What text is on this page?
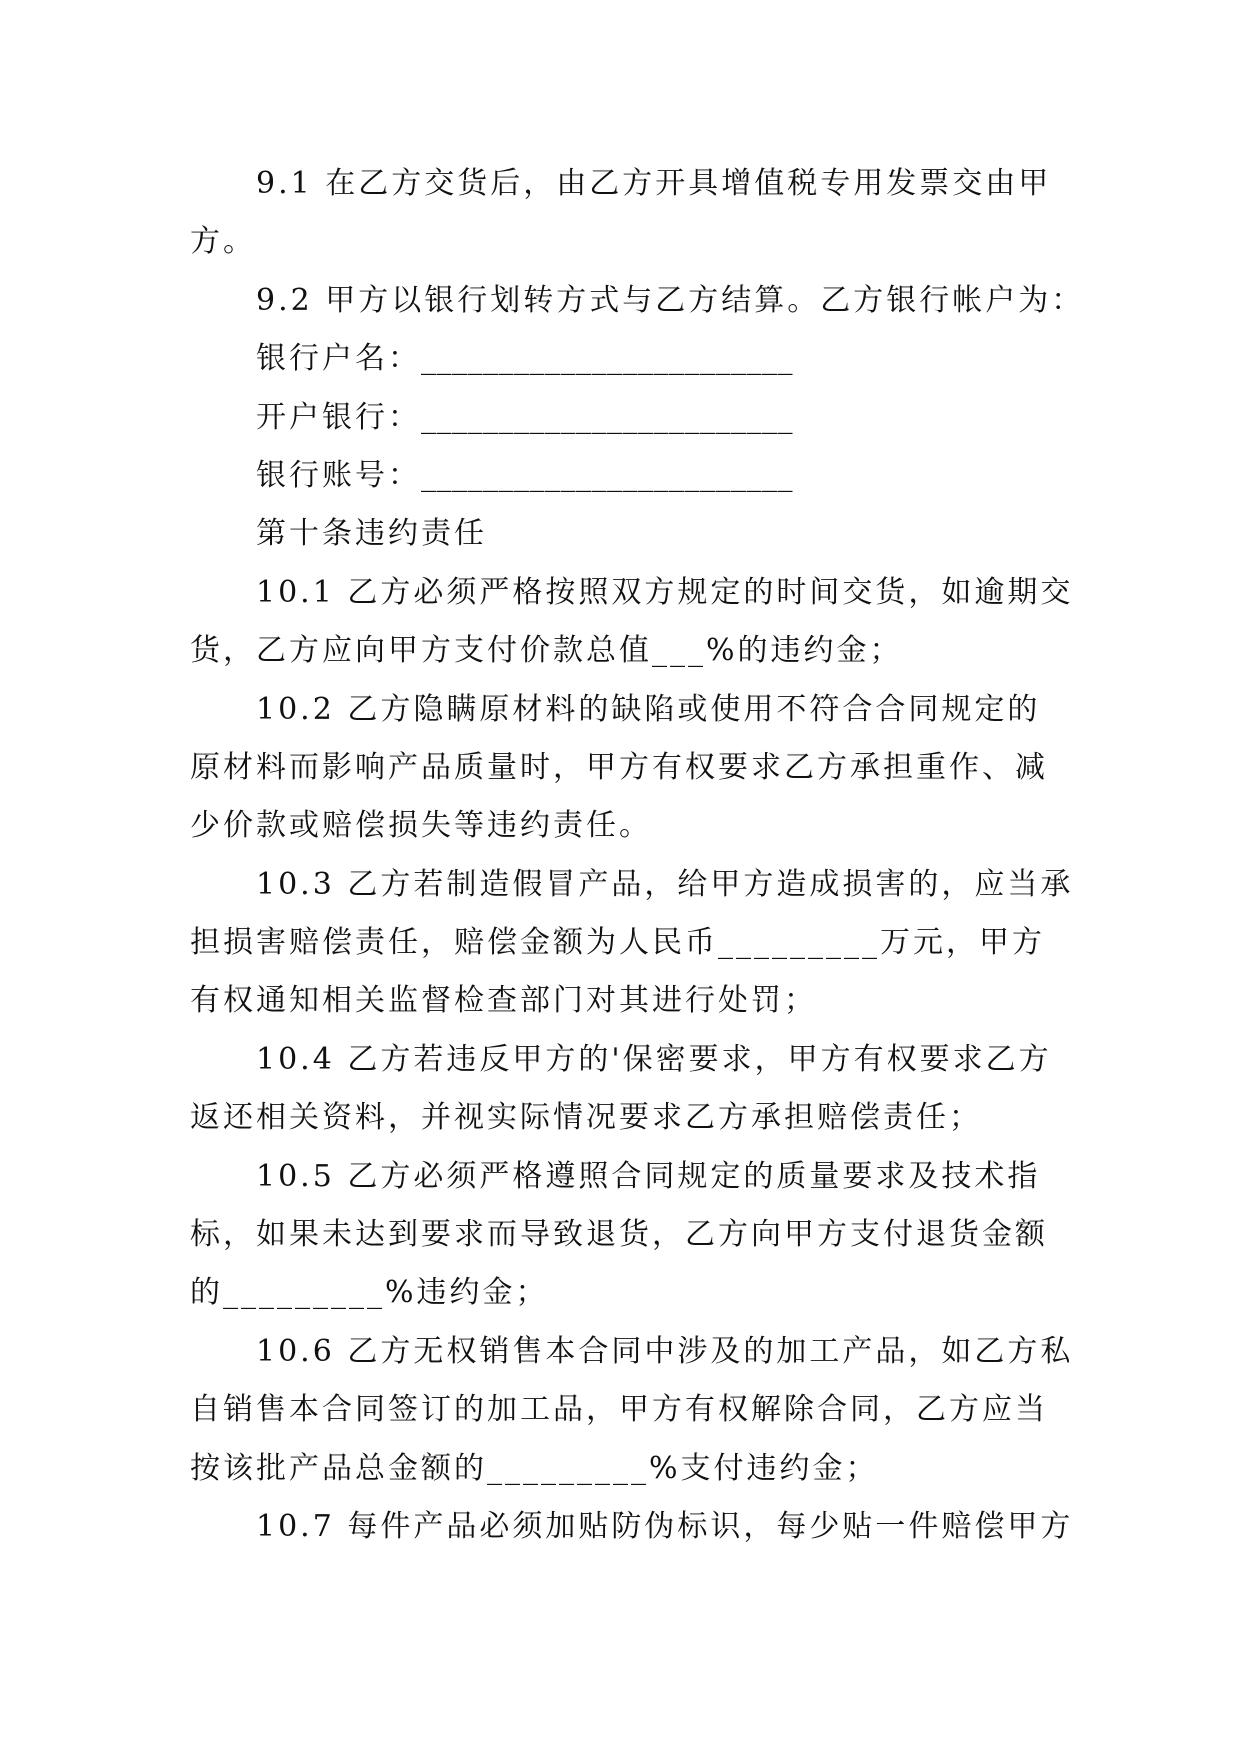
9.1 在乙方交货后，由乙方开具增值税专用发票交由甲
方。
9.2 甲方以银行划转方式与乙方结算。乙方银行帐户为：
银行户名：________________________
开户银行：________________________
银行账号：________________________
第十条违约责任
10.1 乙方必须严格按照双方规定的时间交货，如逾期交
货，乙方应向甲方支付价款总值___%的违约金；
10.2 乙方隐瞒原材料的缺陷或使用不符合合同规定的
原材料而影响产品质量时，甲方有权要求乙方承担重作、减
少价款或赔偿损失等违约责任。
10.3 乙方若制造假冒产品，给甲方造成损害的，应当承
担损害赔偿责任，赔偿金额为人民币_________万元，甲方
有权通知相关监督检查部门对其进行处罚；
10.4 乙方若违反甲方的'保密要求，甲方有权要求乙方
返还相关资料，并视实际情况要求乙方承担赔偿责任；
10.5 乙方必须严格遵照合同规定的质量要求及技术指
标，如果未达到要求而导致退货，乙方向甲方支付退货金额
的_________%违约金；
10.6 乙方无权销售本合同中涉及的加工产品，如乙方私
自销售本合同签订的加工品，甲方有权解除合同，乙方应当
按该批产品总金额的_________%支付违约金；
10.7 每件产品必须加贴防伪标识，每少贴一件赔偿甲方
